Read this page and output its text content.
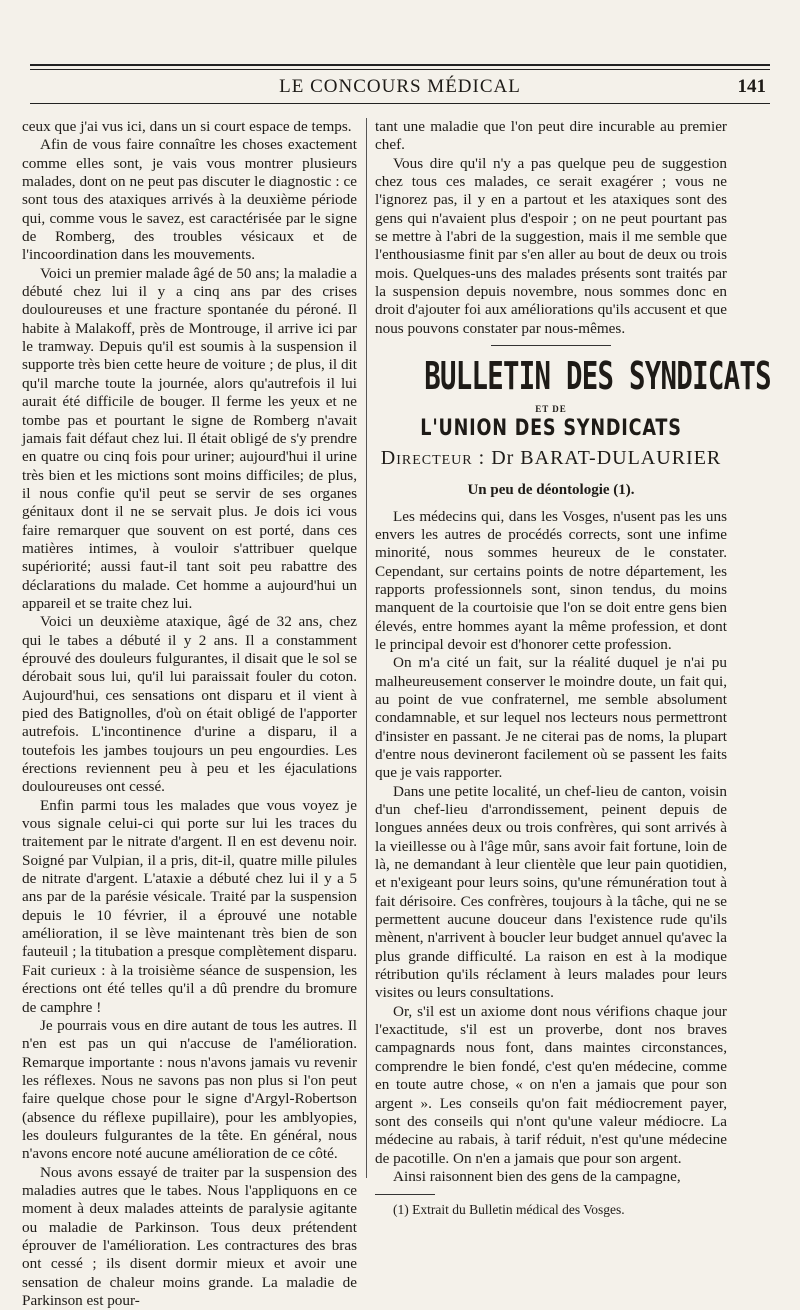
LE CONCOURS MÉDICAL	141

ceux que j'ai vus ici, dans un si court espace de temps.

Afin de vous faire connaître les choses exactement comme elles sont, je vais vous montrer plusieurs malades, dont on ne peut pas discuter le diagnostic : ce sont tous des ataxiques arrivés à la deuxième période qui, comme vous le savez, est caractérisée par le signe de Romberg, des troubles vésicaux et de l'incoordination dans les mouvements.

Voici un premier malade âgé de 50 ans; la maladie a débuté chez lui il y a cinq ans par des crises douloureuses et une fracture spontanée du péroné. Il habite à Malakoff, près de Montrouge, il arrive ici par le tramway. Depuis qu'il est soumis à la suspension il supporte très bien cette heure de voiture ; de plus, il dit qu'il marche toute la journée, alors qu'autrefois il lui aurait été difficile de bouger. Il ferme les yeux et ne tombe pas et pourtant le signe de Romberg n'avait jamais fait défaut chez lui. Il était obligé de s'y prendre en quatre ou cinq fois pour uriner; aujourd'hui il urine très bien et les mictions sont moins difficiles; de plus, il nous confie qu'il peut se servir de ses organes génitaux dont il ne se servait plus. Je dois ici vous faire remarquer que souvent on est porté, dans ces matières intimes, à vouloir s'attribuer quelque supériorité; aussi faut-il tant soit peu rabattre des déclarations du malade. Cet homme a aujourd'hui un appareil et se traite chez lui.

Voici un deuxième ataxique, âgé de 32 ans, chez qui le tabes a débuté il y 2 ans. Il a constamment éprouvé des douleurs fulgurantes, il disait que le sol se dérobait sous lui, qu'il lui paraissait fouler du coton. Aujourd'hui, ces sensations ont disparu et il vient à pied des Batignolles, d'où on était obligé de l'apporter autrefois. L'incontinence d'urine a disparu, il a toutefois les jambes toujours un peu engourdies. Les érections reviennent peu à peu et les éjaculations douloureuses ont cessé.

Enfin parmi tous les malades que vous voyez je vous signale celui-ci qui porte sur lui les traces du traitement par le nitrate d'argent. Il en est devenu noir. Soigné par Vulpian, il a pris, dit-il, quatre mille pilules de nitrate d'argent. L'ataxie a débuté chez lui il y a 5 ans par de la parésie vésicale. Traité par la suspension depuis le 10 février, il a éprouvé une notable amélioration, il se lève maintenant très bien de son fauteuil ; la titubation a presque complètement disparu. Fait curieux : à la troisième séance de suspension, les érections ont été telles qu'il a dû prendre du bromure de camphre !

Je pourrais vous en dire autant de tous les autres. Il n'en est pas un qui n'accuse de l'amélioration. Remarque importante : nous n'avons jamais vu revenir les réflexes. Nous ne savons pas non plus si l'on peut faire quelque chose pour le signe d'Argyl-Robertson (absence du réflexe pupillaire), pour les amblyopies, les douleurs fulgurantes de la tête. En général, nous n'avons encore noté aucune amélioration de ce côté.

Nous avons essayé de traiter par la suspension des maladies autres que le tabes. Nous l'appliquons en ce moment à deux malades atteints de paralysie agitante ou maladie de Parkinson. Tous deux prétendent éprouver de l'amélioration. Les contractures des bras ont cessé ; ils disent dormir mieux et avoir une sensation de chaleur moins grande. La maladie de Parkinson est pour-

tant une maladie que l'on peut dire incurable au premier chef.

Vous dire qu'il n'y a pas quelque peu de suggestion chez tous ces malades, ce serait exagérer ; vous ne l'ignorez pas, il y en a partout et les ataxiques sont des gens qui n'avaient plus d'espoir ; on ne peut pourtant pas se mettre à l'abri de la suggestion, mais il me semble que l'enthousiasme finit par s'en aller au bout de deux ou trois mois. Quelques-uns des malades présents sont traités par la suspension depuis novembre, nous sommes donc en droit d'ajouter foi aux améliorations qu'ils accusent et que nous pouvons constater par nous-mêmes.

BULLETIN DES SYNDICATS
ET DE
L'UNION DES SYNDICATS
Directeur : Dr BARAT-DULAURIER
Un peu de déontologie (1).

Les médecins qui, dans les Vosges, n'usent pas les uns envers les autres de procédés corrects, sont une infime minorité, nous sommes heureux de le constater. Cependant, sur certains points de notre département, les rapports professionnels sont, sinon tendus, du moins manquent de la courtoisie que l'on se doit entre gens bien élevés, entre hommes ayant la même profession, et dont le principal devoir est d'honorer cette profession.

On m'a cité un fait, sur la réalité duquel je n'ai pu malheureusement conserver le moindre doute, un fait qui, au point de vue confraternel, me semble absolument condamnable, et sur lequel nos lecteurs nous permettront d'insister en passant. Je ne citerai pas de noms, la plupart d'entre nous devineront facilement où se passent les faits que je vais rapporter.

Dans une petite localité, un chef-lieu de canton, voisin d'un chef-lieu d'arrondissement, peinent depuis de longues années deux ou trois confrères, qui sont arrivés à la vieillesse ou à l'âge mûr, sans avoir fait fortune, loin de là, ne demandant à leur clientèle que leur pain quotidien, et n'exigeant pour leurs soins, qu'une rémunération tout à fait dérisoire. Ces confrères, toujours à la tâche, qui ne se permettent aucune douceur dans l'existence rude qu'ils mènent, n'arrivent à boucler leur budget annuel qu'avec la plus grande difficulté. La raison en est à la modique rétribution qu'ils réclament à leurs malades pour leurs visites ou leurs consultations.

Or, s'il est un axiome dont nous vérifions chaque jour l'exactitude, s'il est un proverbe, dont nos braves campagnards nous font, dans maintes circonstances, comprendre le bien fondé, c'est qu'en médecine, comme en toute autre chose, « on n'en a jamais que pour son argent ». Les conseils qu'on fait médiocrement payer, sont des conseils qui n'ont qu'une valeur médiocre. La médecine au rabais, à tarif réduit, n'est qu'une médecine de pacotille. On n'en a jamais que pour son argent.

Ainsi raisonnent bien des gens de la campagne,

(1) Extrait du Bulletin médical des Vosges.
